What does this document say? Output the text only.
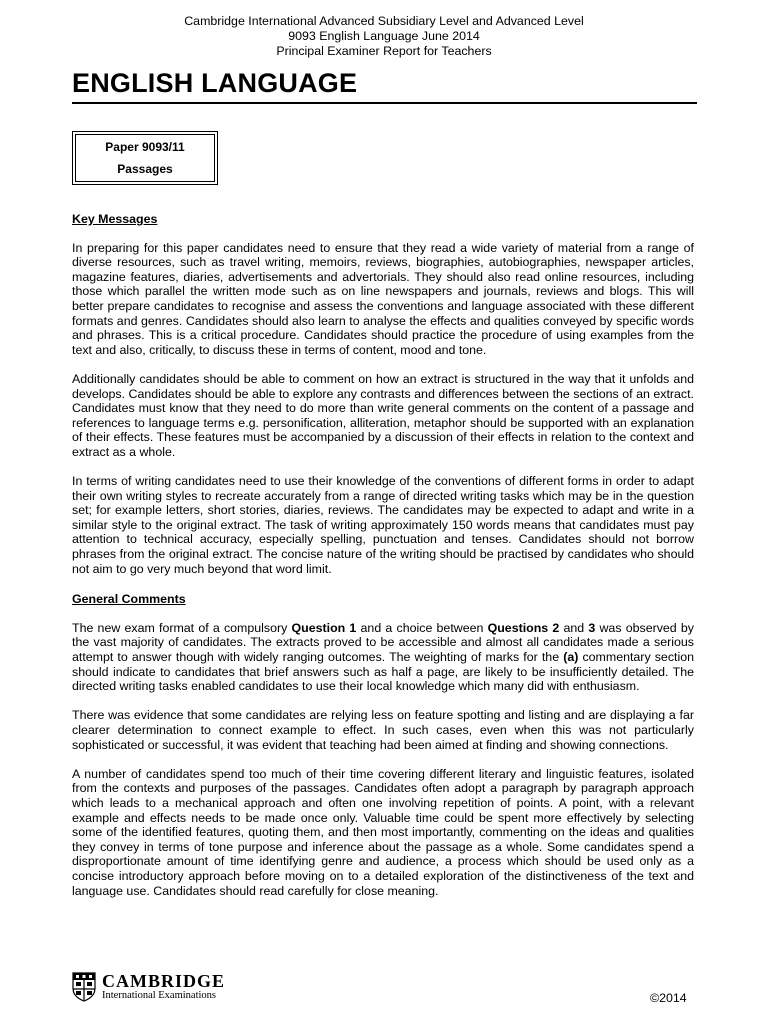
Cambridge International Advanced Subsidiary Level and Advanced Level
9093 English Language June 2014
Principal Examiner Report for Teachers
ENGLISH LANGUAGE
Paper 9093/11
Passages
Key Messages

In preparing for this paper candidates need to ensure that they read a wide variety of material from a range of diverse resources, such as travel writing, memoirs, reviews, biographies, autobiographies, newspaper articles, magazine features, diaries, advertisements and advertorials. They should also read online resources, including those which parallel the written mode such as on line newspapers and journals, reviews and blogs. This will better prepare candidates to recognise and assess the conventions and language associated with these different formats and genres. Candidates should also learn to analyse the effects and qualities conveyed by specific words and phrases. This is a critical procedure. Candidates should practice the procedure of using examples from the text and also, critically, to discuss these in terms of content, mood and tone.

Additionally candidates should be able to comment on how an extract is structured in the way that it unfolds and develops. Candidates should be able to explore any contrasts and differences between the sections of an extract. Candidates must know that they need to do more than write general comments on the content of a passage and references to language terms e.g. personification, alliteration, metaphor should be supported with an explanation of their effects. These features must be accompanied by a discussion of their effects in relation to the context and extract as a whole.

In terms of writing candidates need to use their knowledge of the conventions of different forms in order to adapt their own writing styles to recreate accurately from a range of directed writing tasks which may be in the question set; for example letters, short stories, diaries, reviews. The candidates may be expected to adapt and write in a similar style to the original extract. The task of writing approximately 150 words means that candidates must pay attention to technical accuracy, especially spelling, punctuation and tenses. Candidates should not borrow phrases from the original extract. The concise nature of the writing should be practised by candidates who should not aim to go very much beyond that word limit.

General Comments

The new exam format of a compulsory Question 1 and a choice between Questions 2 and 3 was observed by the vast majority of candidates. The extracts proved to be accessible and almost all candidates made a serious attempt to answer though with widely ranging outcomes. The weighting of marks for the (a) commentary section should indicate to candidates that brief answers such as half a page, are likely to be insufficiently detailed. The directed writing tasks enabled candidates to use their local knowledge which many did with enthusiasm.

There was evidence that some candidates are relying less on feature spotting and listing and are displaying a far clearer determination to connect example to effect. In such cases, even when this was not particularly sophisticated or successful, it was evident that teaching had been aimed at finding and showing connections.

A number of candidates spend too much of their time covering different literary and linguistic features, isolated from the contexts and purposes of the passages. Candidates often adopt a paragraph by paragraph approach which leads to a mechanical approach and often one involving repetition of points. A point, with a relevant example and effects needs to be made once only. Valuable time could be spent more effectively by selecting some of the identified features, quoting them, and then most importantly, commenting on the ideas and qualities they convey in terms of tone purpose and inference about the passage as a whole. Some candidates spend a disproportionate amount of time identifying genre and audience, a process which should be used only as a concise introductory approach before moving on to a detailed exploration of the distinctiveness of the text and language use. Candidates should read carefully for close meaning.

CAMBRIDGE
International Examinations	©2014
